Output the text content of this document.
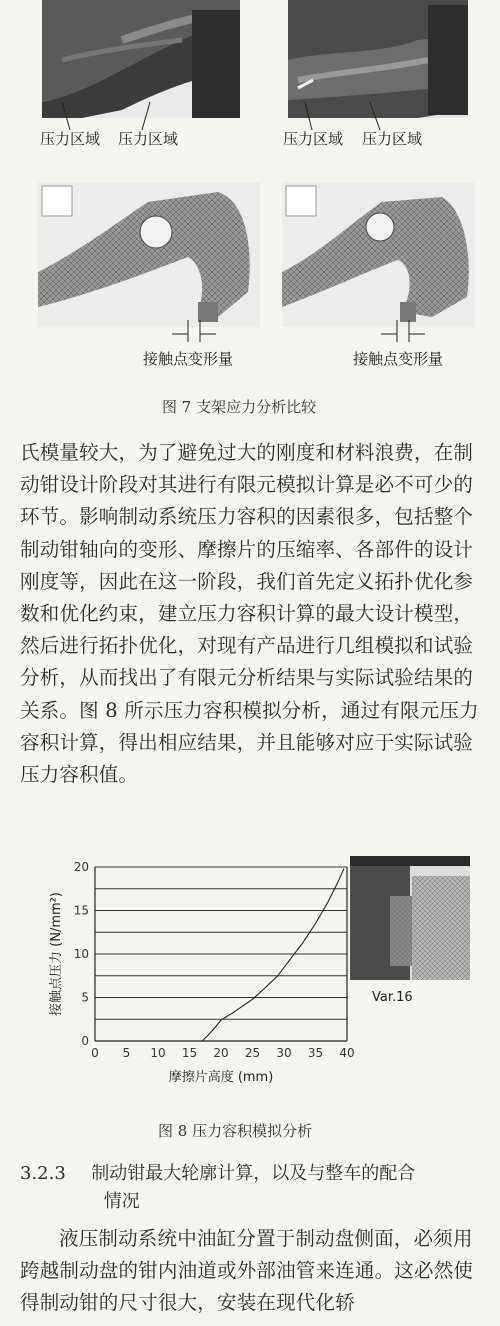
压力区域 压力区域	压力区域 压力区域
接触点变形量	接触点变形量
图 7 支架应力分析比较

氏模量较大，为了避免过大的刚度和材料浪费，在制动钳设计阶段对其进行有限元模拟计算是必不可少的环节。影响制动系统压力容积的因素很多，包括整个制动钳轴向的变形、摩擦片的压缩率、各部件的设计刚度等，因此在这一阶段，我们首先定义拓扑优化参数和优化约束，建立压力容积计算的最大设计模型，然后进行拓扑优化，对现有产品进行几组模拟和试验分析，从而找出了有限元分析结果与实际试验结果的关系。图 8 所示压力容积模拟分析，通过有限元压力容积计算，得出相应结果，并且能够对应于实际试验压力容积值。

0
5
10
15
20
0 5 10 15 20 25 30 35 40
摩擦片高度 (mm)
接触点压力 (N/mm²)	Var.16
图 8 压力容积模拟分析
3.2.3 制动钳最大轮廓计算，以及与整车的配合
情况

液压制动系统中油缸分置于制动盘侧面，必须用跨越制动盘的钳内油道或外部油管来连通。这必然使得制动钳的尺寸很大，安装在现代化轿
